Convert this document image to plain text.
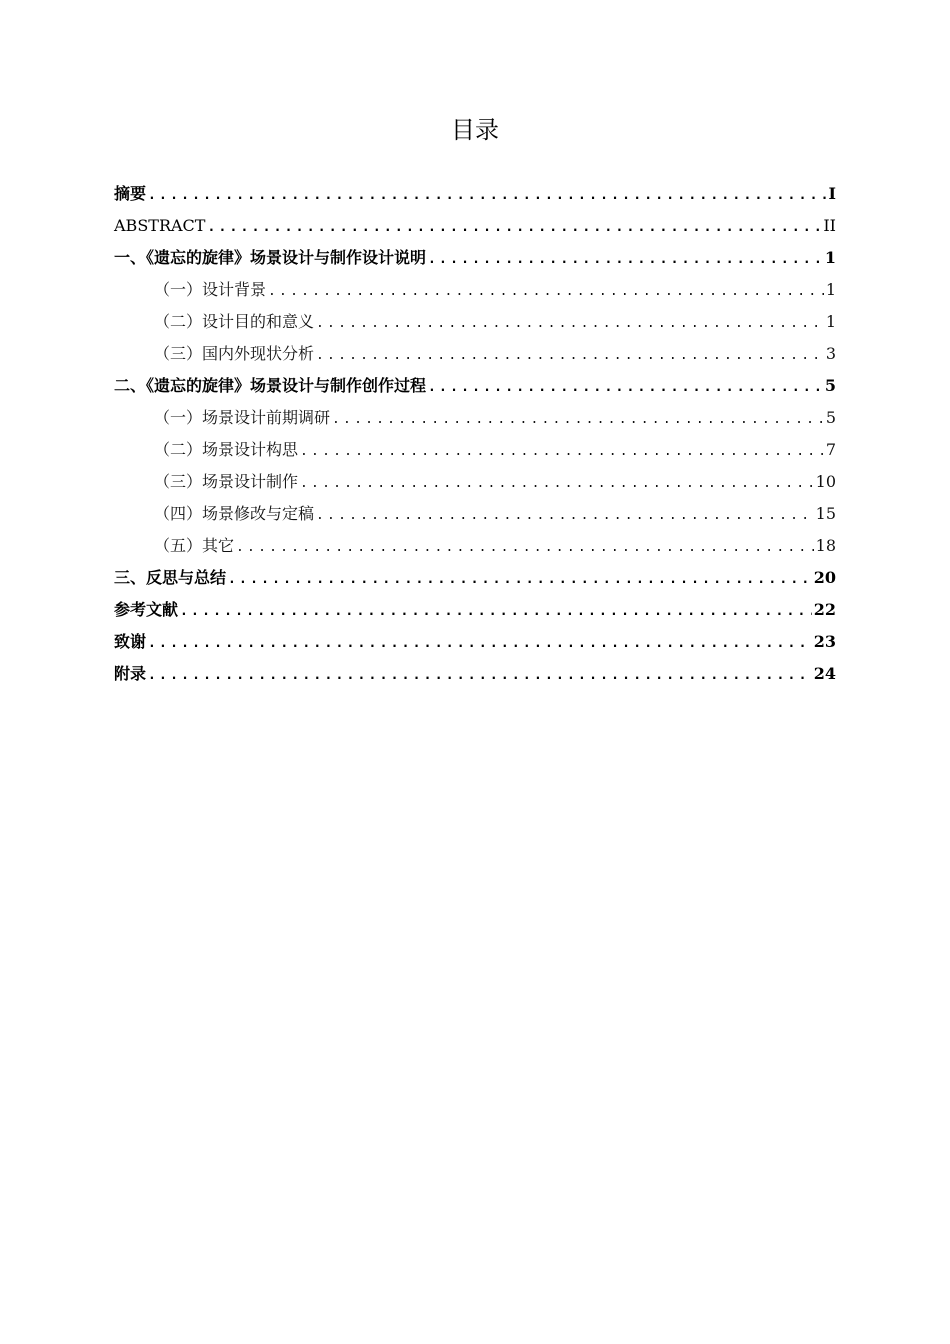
目录
摘要 .....	I
ABSTRACT .....	II
一、《遗忘的旋律》场景设计与制作设计说明 .....	1
（一）设计背景 .....	1
（二）设计目的和意义 .....	1
（三）国内外现状分析 .....	3
二、《遗忘的旋律》场景设计与制作创作过程 .....	5
（一）场景设计前期调研 .....	5
（二）场景设计构思 .....	7
（三）场景设计制作 .....	10
（四）场景修改与定稿 .....	15
（五）其它 .....	18
三、反思与总结 .....	20
参考文献 .....	22
致谢 .....	23
附录 .....	24
